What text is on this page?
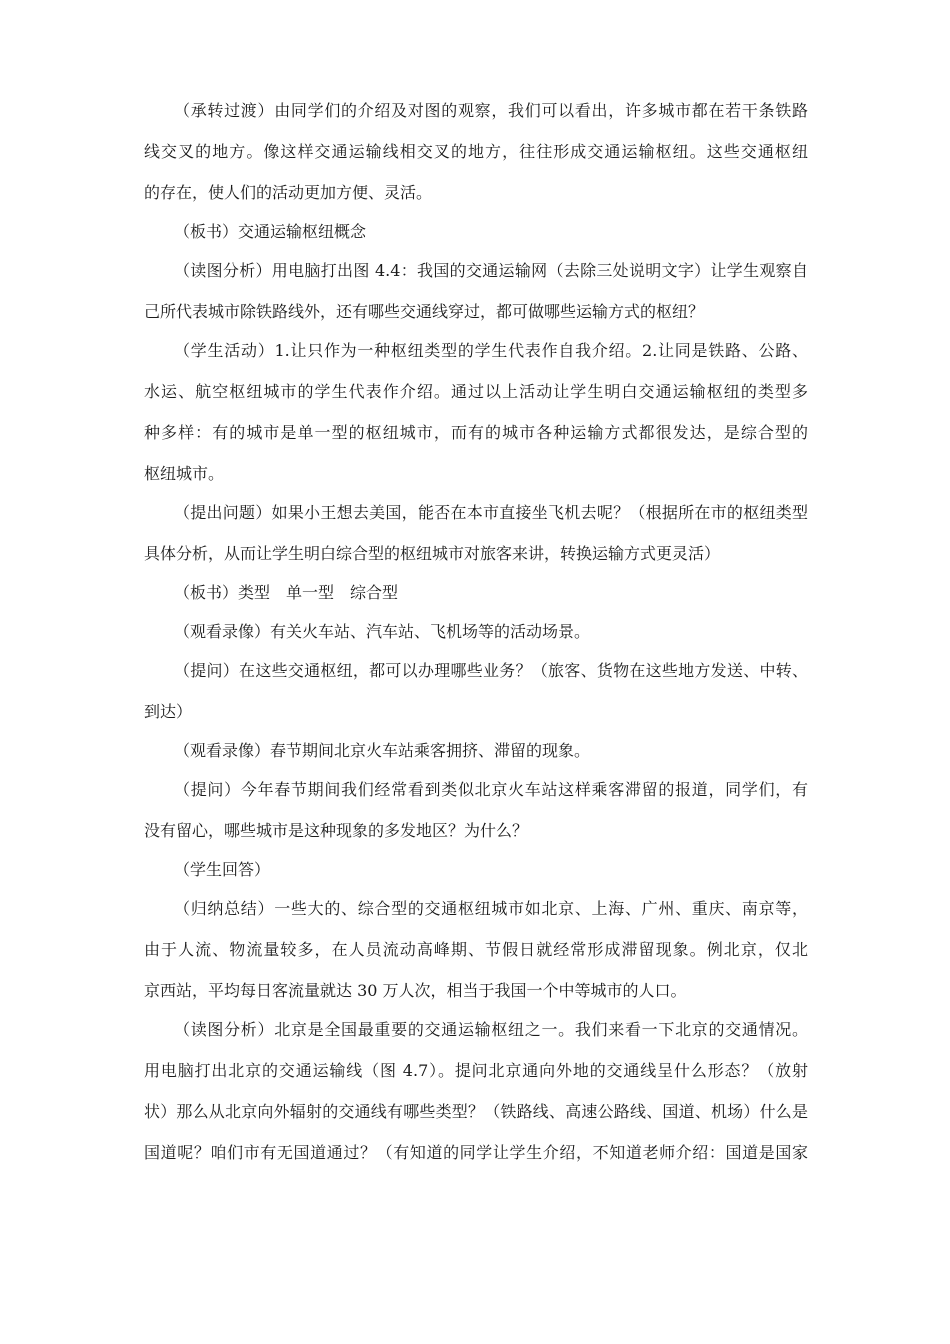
（承转过渡）由同学们的介绍及对图的观察，我们可以看出，许多城市都在若干条铁路

线交叉的地方。像这样交通运输线相交叉的地方，往往形成交通运输枢纽。这些交通枢纽

的存在，使人们的活动更加方便、灵活。

（板书）交通运输枢纽概念

（读图分析）用电脑打出图 4.4：我国的交通运输网（去除三处说明文字）让学生观察自

己所代表城市除铁路线外，还有哪些交通线穿过，都可做哪些运输方式的枢纽？

（学生活动）1.让只作为一种枢纽类型的学生代表作自我介绍。2.让同是铁路、公路、

水运、航空枢纽城市的学生代表作介绍。通过以上活动让学生明白交通运输枢纽的类型多

种多样：有的城市是单一型的枢纽城市，而有的城市各种运输方式都很发达，是综合型的

枢纽城市。

（提出问题）如果小王想去美国，能否在本市直接坐飞机去呢？（根据所在市的枢纽类型

具体分析，从而让学生明白综合型的枢纽城市对旅客来讲，转换运输方式更灵活）

（板书）类型　单一型　综合型

（观看录像）有关火车站、汽车站、飞机场等的活动场景。

（提问）在这些交通枢纽，都可以办理哪些业务？（旅客、货物在这些地方发送、中转、

到达）

（观看录像）春节期间北京火车站乘客拥挤、滞留的现象。

（提问）今年春节期间我们经常看到类似北京火车站这样乘客滞留的报道，同学们，有

没有留心，哪些城市是这种现象的多发地区？为什么？

（学生回答）

（归纳总结）一些大的、综合型的交通枢纽城市如北京、上海、广州、重庆、南京等，

由于人流、物流量较多，在人员流动高峰期、节假日就经常形成滞留现象。例北京，仅北

京西站，平均每日客流量就达 30 万人次，相当于我国一个中等城市的人口。

（读图分析）北京是全国最重要的交通运输枢纽之一。我们来看一下北京的交通情况。

用电脑打出北京的交通运输线（图 4.7）。提问北京通向外地的交通线呈什么形态？（放射

状）那么从北京向外辐射的交通线有哪些类型？（铁路线、高速公路线、国道、机场）什么是

国道呢？咱们市有无国道通过？（有知道的同学让学生介绍，不知道老师介绍：国道是国家
